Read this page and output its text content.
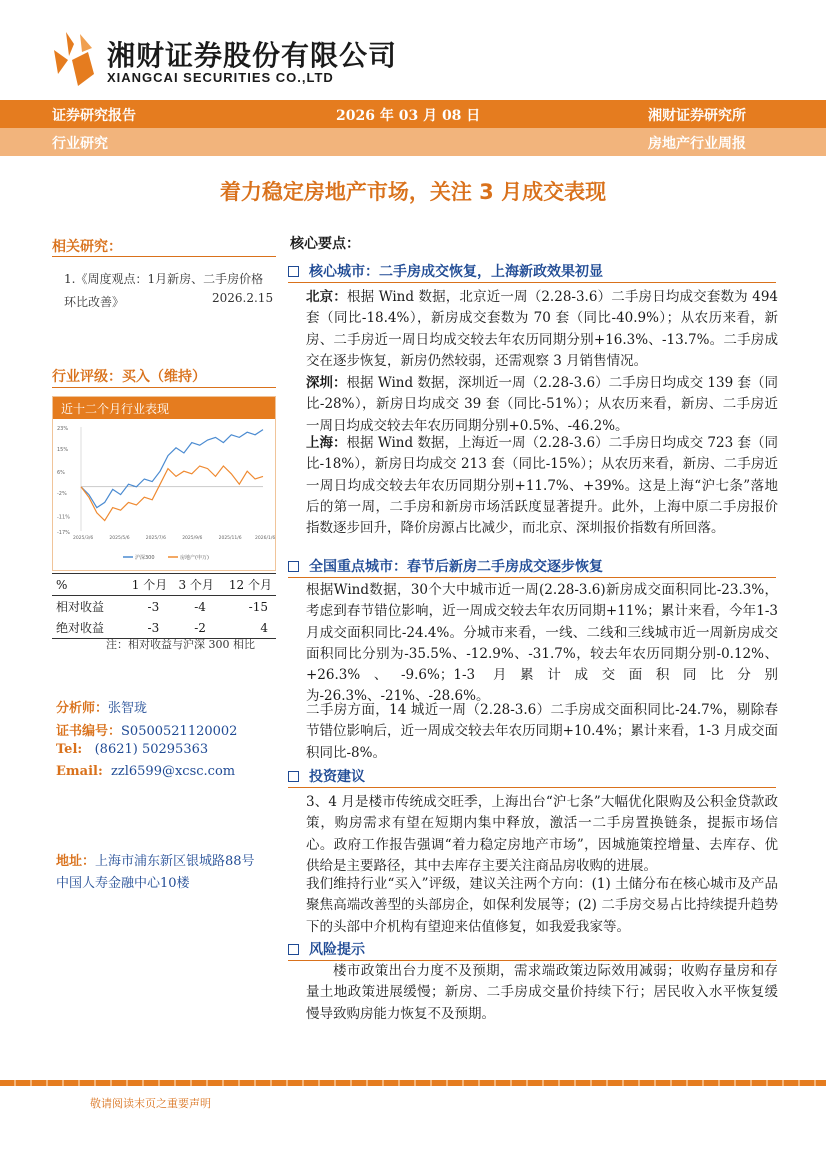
湘财证券股份有限公司
XIANGCAI SECURITIES CO.,LTD
证券研究报告	2026 年 03 月 08 日	湘财证券研究所
行业研究	房地产行业周报
着力稳定房地产市场，关注 3 月成交表现
相关研究：
1.《周度观点：1月新房、二手房价格环比改善》	2026.2.15
行业评级：买入（维持）
近十二个月行业表现
23%
15%
6%
-2%
-11%
-17%
2025/3/6	2025/5/6	2025/7/6	2025/9/6	2025/11/6	2026/1/6
沪深300	房地产(申万)
%	1 个月	3 个月	12 个月
相对收益	-3	-4	-15
绝对收益	-3	-2	4
注：相对收益与沪深 300 相比
分析师：张智珑
证书编号：S0500521120002
Tel: (8621) 50295363
Email: zzl6599@xcsc.com
地址：上海市浦东新区银城路88号
中国人寿金融中心10楼
核心要点：
核心城市：二手房成交恢复，上海新政效果初显
北京：根据 Wind 数据，北京近一周（2.28-3.6）二手房日均成交套数为 494 套（同比-18.4%），新房成交套数为 70 套（同比-40.9%）；从农历来看，新房、二手房近一周日均成交较去年农历同期分别+16.3%、-13.7%。二手房成交在逐步恢复，新房仍然较弱，还需观察 3 月销售情况。
深圳：根据 Wind 数据，深圳近一周（2.28-3.6）二手房日均成交 139 套（同比-28%），新房日均成交 39 套（同比-51%）；从农历来看，新房、二手房近一周日均成交较去年农历同期分别+0.5%、-46.2%。
上海：根据 Wind 数据，上海近一周（2.28-3.6）二手房日均成交 723 套（同比-18%），新房日均成交 213 套（同比-15%）；从农历来看，新房、二手房近一周日均成交较去年农历同期分别+11.7%、+39%。这是上海“沪七条”落地后的第一周，二手房和新房市场活跃度显著提升。此外，上海中原二手房报价指数逐步回升，降价房源占比减少，而北京、深圳报价指数有所回落。
全国重点城市：春节后新房二手房成交逐步恢复
根据Wind数据，30个大中城市近一周(2.28-3.6)新房成交面积同比-23.3%，考虑到春节错位影响，近一周成交较去年农历同期+11%；累计来看，今年1-3 月成交面积同比-24.4%。分城市来看，一线、二线和三线城市近一周新房成交面积同比分别为-35.5%、-12.9%、-31.7%，较去年农历同期分别-0.12%、+26.3%、-9.6%；1-3 月累计成交面积同比分别为-26.3%、-21%、-28.6%。
二手房方面，14 城近一周（2.28-3.6）二手房成交面积同比-24.7%，剔除春节错位影响后，近一周成交较去年农历同期+10.4%；累计来看，1-3 月成交面积同比-8%。
投资建议
3、4 月是楼市传统成交旺季，上海出台“沪七条”大幅优化限购及公积金贷款政策，购房需求有望在短期内集中释放，激活一二手房置换链条，提振市场信心。政府工作报告强调“着力稳定房地产市场”，因城施策控增量、去库存、优供给是主要路径，其中去库存主要关注商品房收购的进展。
我们维持行业“买入”评级，建议关注两个方向：(1) 土储分布在核心城市及产品聚焦高端改善型的头部房企，如保利发展等；(2) 二手房交易占比持续提升趋势下的头部中介机构有望迎来估值修复，如我爱我家等。
风险提示
楼市政策出台力度不及预期，需求端政策边际效用减弱；收购存量房和存量土地政策进展缓慢；新房、二手房成交量价持续下行；居民收入水平恢复缓慢导致购房能力恢复不及预期。
敬请阅读末页之重要声明
